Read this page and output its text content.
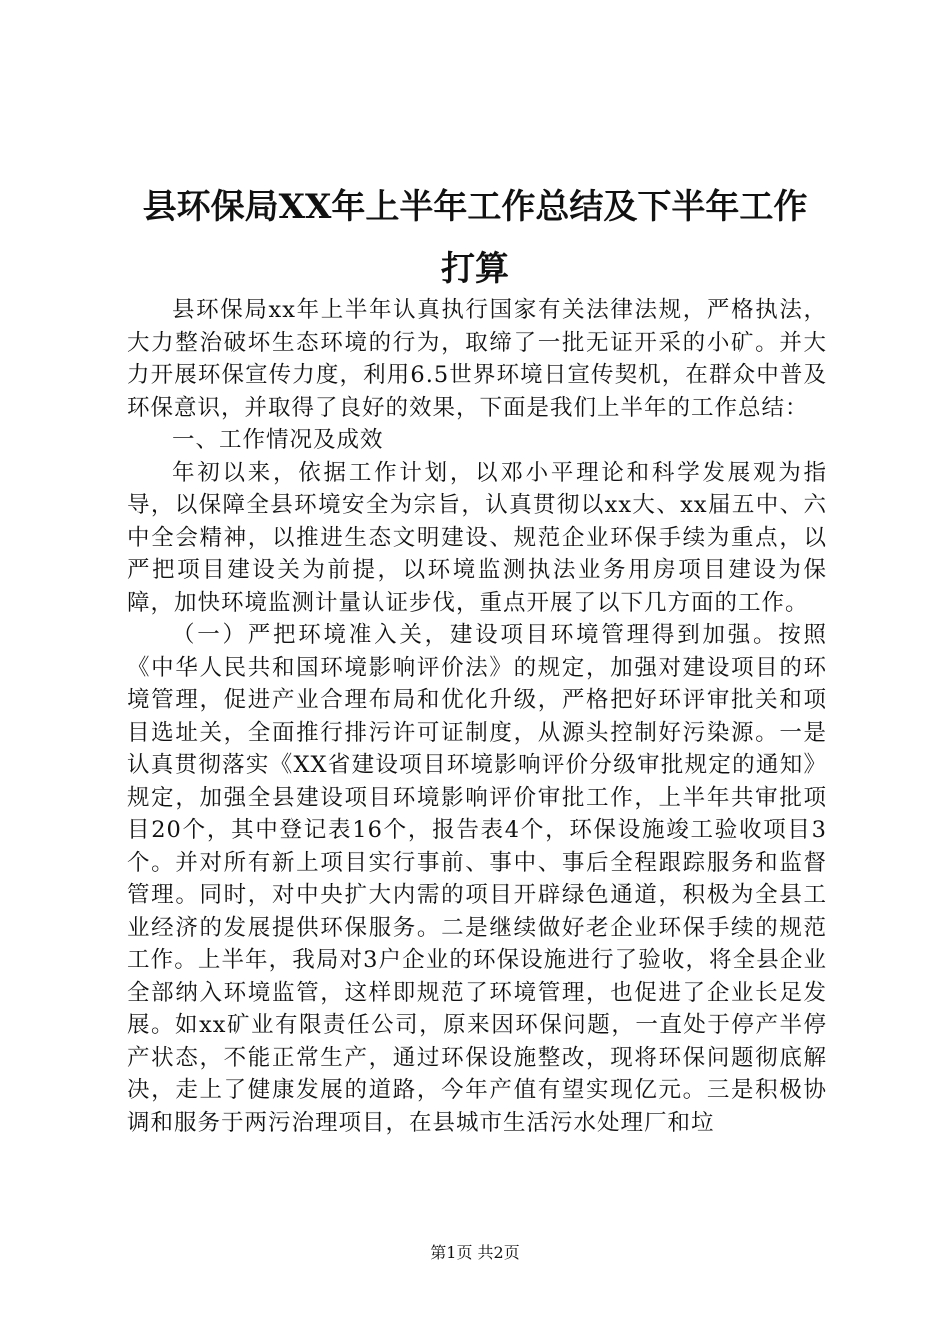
县环保局XX年上半年工作总结及下半年工作
打算

县环保局xx年上半年认真执行国家有关法律法规，严格执法，大力整治破坏生态环境的行为，取缔了一批无证开采的小矿。并大力开展环保宣传力度，利用6.5世界环境日宣传契机，在群众中普及环保意识，并取得了良好的效果，下面是我们上半年的工作总结：

一、工作情况及成效

年初以来，依据工作计划，以邓小平理论和科学发展观为指导，以保障全县环境安全为宗旨，认真贯彻以xx大、xx届五中、六中全会精神，以推进生态文明建设、规范企业环保手续为重点，以严把项目建设关为前提，以环境监测执法业务用房项目建设为保障，加快环境监测计量认证步伐，重点开展了以下几方面的工作。

（一）严把环境准入关，建设项目环境管理得到加强。按照《中华人民共和国环境影响评价法》的规定，加强对建设项目的环境管理，促进产业合理布局和优化升级，严格把好环评审批关和项目选址关，全面推行排污许可证制度，从源头控制好污染源。一是认真贯彻落实《XX省建设项目环境影响评价分级审批规定的通知》规定，加强全县建设项目环境影响评价审批工作，上半年共审批项目20个，其中登记表16个，报告表4个，环保设施竣工验收项目3个。并对所有新上项目实行事前、事中、事后全程跟踪服务和监督管理。同时，对中央扩大内需的项目开辟绿色通道，积极为全县工业经济的发展提供环保服务。二是继续做好老企业环保手续的规范工作。上半年，我局对3户企业的环保设施进行了验收，将全县企业全部纳入环境监管，这样即规范了环境管理，也促进了企业长足发展。如xx矿业有限责任公司，原来因环保问题，一直处于停产半停产状态，不能正常生产，通过环保设施整改，现将环保问题彻底解决，走上了健康发展的道路，今年产值有望实现亿元。三是积极协调和服务于两污治理项目，在县城市生活污水处理厂和垃

第1页 共2页
